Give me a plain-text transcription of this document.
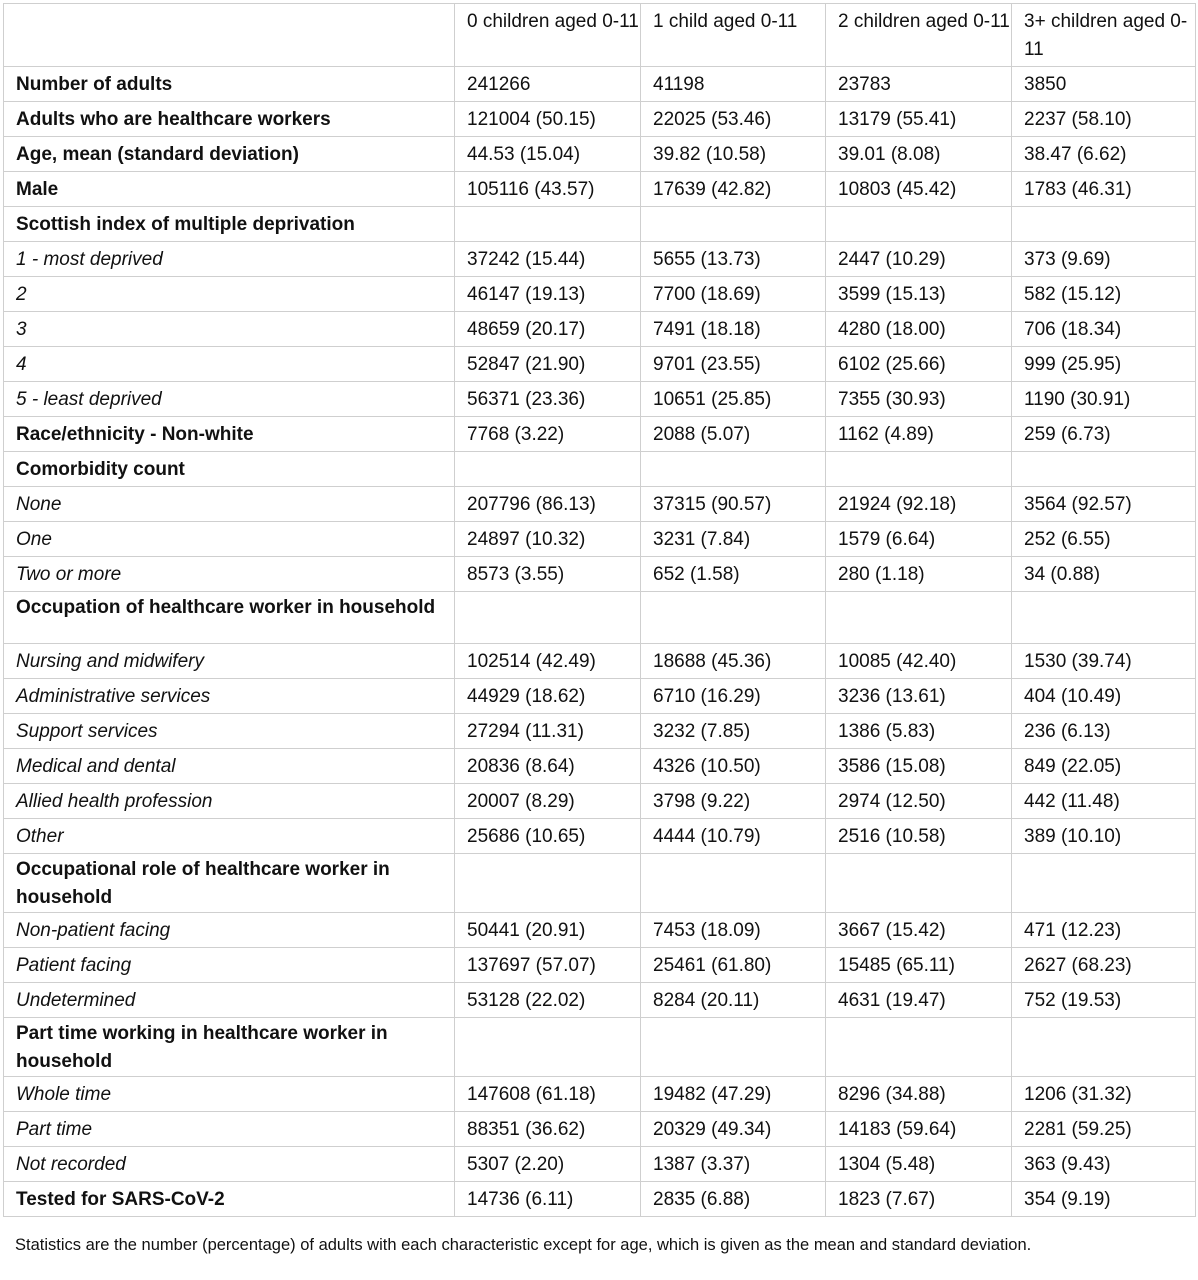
	0 children aged 0-11	1 child aged 0-11	2 children aged 0-11	3+ children aged 0-11
Number of adults	241266	41198	23783	3850
Adults who are healthcare workers	121004 (50.15)	22025 (53.46)	13179 (55.41)	2237 (58.10)
Age, mean (standard deviation)	44.53 (15.04)	39.82 (10.58)	39.01 (8.08)	38.47 (6.62)
Male	105116 (43.57)	17639 (42.82)	10803 (45.42)	1783 (46.31)
Scottish index of multiple deprivation				
1 - most deprived	37242 (15.44)	5655 (13.73)	2447 (10.29)	373 (9.69)
2	46147 (19.13)	7700 (18.69)	3599 (15.13)	582 (15.12)
3	48659 (20.17)	7491 (18.18)	4280 (18.00)	706 (18.34)
4	52847 (21.90)	9701 (23.55)	6102 (25.66)	999 (25.95)
5 - least deprived	56371 (23.36)	10651 (25.85)	7355 (30.93)	1190 (30.91)
Race/ethnicity - Non-white	7768 (3.22)	2088 (5.07)	1162 (4.89)	259 (6.73)
Comorbidity count				
None	207796 (86.13)	37315 (90.57)	21924 (92.18)	3564 (92.57)
One	24897 (10.32)	3231 (7.84)	1579 (6.64)	252 (6.55)
Two or more	8573 (3.55)	652 (1.58)	280 (1.18)	34 (0.88)
Occupation of healthcare worker in household				
Nursing and midwifery	102514 (42.49)	18688 (45.36)	10085 (42.40)	1530 (39.74)
Administrative services	44929 (18.62)	6710 (16.29)	3236 (13.61)	404 (10.49)
Support services	27294 (11.31)	3232 (7.85)	1386 (5.83)	236 (6.13)
Medical and dental	20836 (8.64)	4326 (10.50)	3586 (15.08)	849 (22.05)
Allied health profession	20007 (8.29)	3798 (9.22)	2974 (12.50)	442 (11.48)
Other	25686 (10.65)	4444 (10.79)	2516 (10.58)	389 (10.10)
Occupational role of healthcare worker in household				
Non-patient facing	50441 (20.91)	7453 (18.09)	3667 (15.42)	471 (12.23)
Patient facing	137697 (57.07)	25461 (61.80)	15485 (65.11)	2627 (68.23)
Undetermined	53128 (22.02)	8284 (20.11)	4631 (19.47)	752 (19.53)
Part time working in healthcare worker in household				
Whole time	147608 (61.18)	19482 (47.29)	8296 (34.88)	1206 (31.32)
Part time	88351 (36.62)	20329 (49.34)	14183 (59.64)	2281 (59.25)
Not recorded	5307 (2.20)	1387 (3.37)	1304 (5.48)	363 (9.43)
Tested for SARS-CoV-2	14736 (6.11)	2835 (6.88)	1823 (7.67)	354 (9.19)
Statistics are the number (percentage) of adults with each characteristic except for age, which is given as the mean and standard deviation.
